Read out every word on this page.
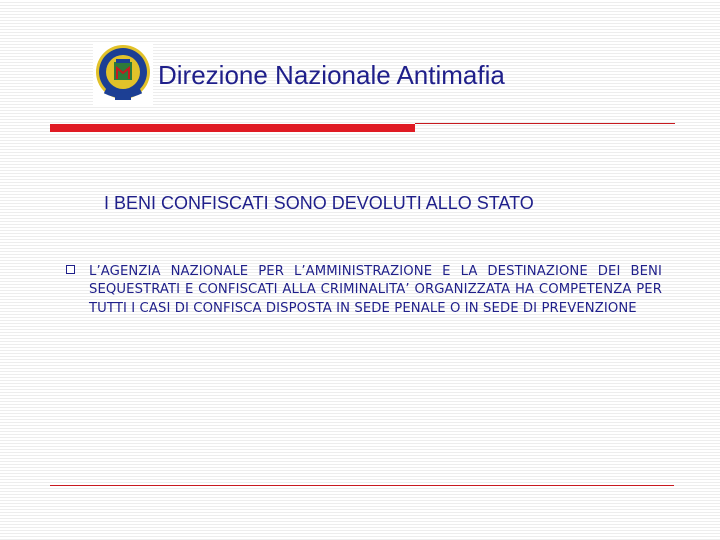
Direzione Nazionale Antimafia
I BENI CONFISCATI SONO DEVOLUTI ALLO STATO
L’AGENZIA NAZIONALE PER L’AMMINISTRAZIONE E LA DESTINAZIONE DEI BENI SEQUESTRATI E CONFISCATI ALLA CRIMINALITA’ ORGANIZZATA HA COMPETENZA PER TUTTI I CASI DI CONFISCA DISPOSTA IN SEDE PENALE O IN SEDE DI PREVENZIONE
